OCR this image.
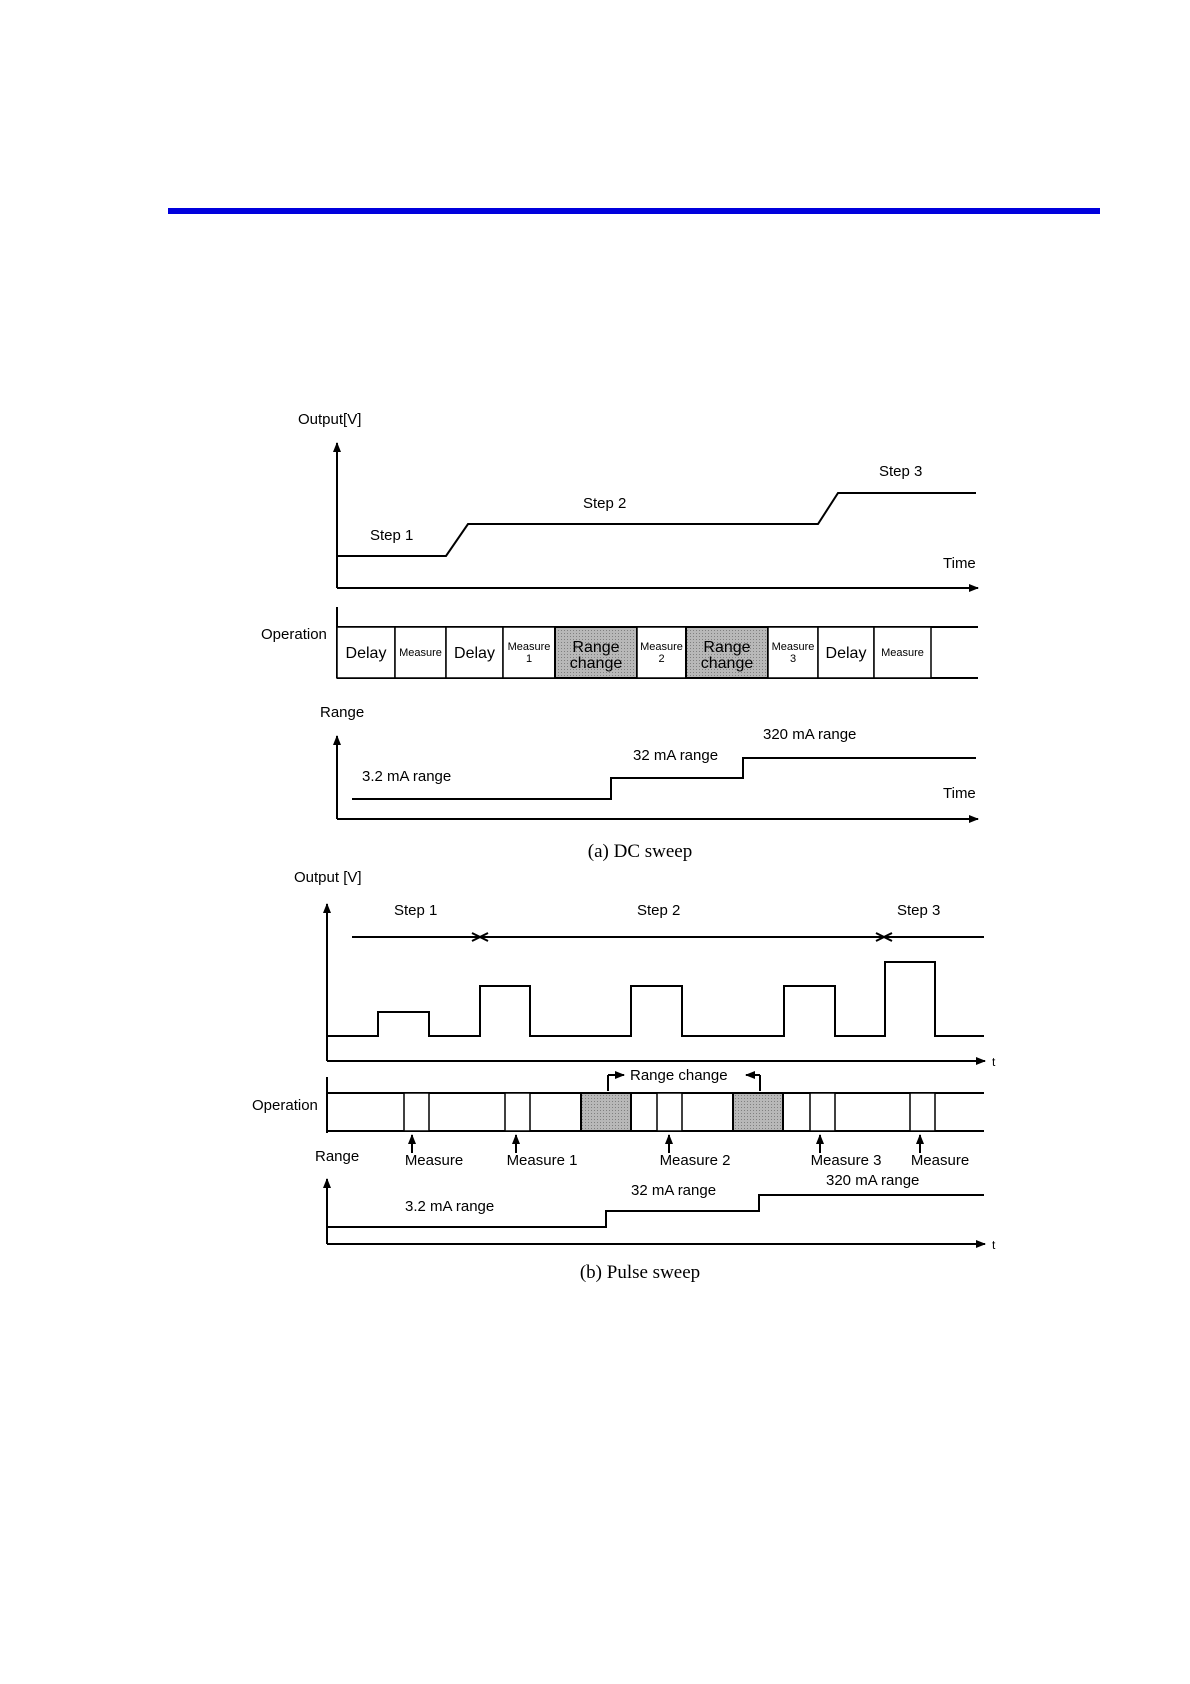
Output[V]
Step 1
Step 2
Step 3
Time
Operation
Delay Measure Delay Measure
1
Range
change
Measure
2
Range
change
Measure
3 Delay Measure
Range
3.2 mA range
32 mA range
320 mA range
Time
(a) DC sweep
Output [V]
t
Step 1	Step 2	Step 3
Range change
Operation
Range	Measure	Measure 1	Measure 2	Measure 3 Measure
t
3.2 mA range
32 mA range
320 mA range
(b) Pulse sweep
